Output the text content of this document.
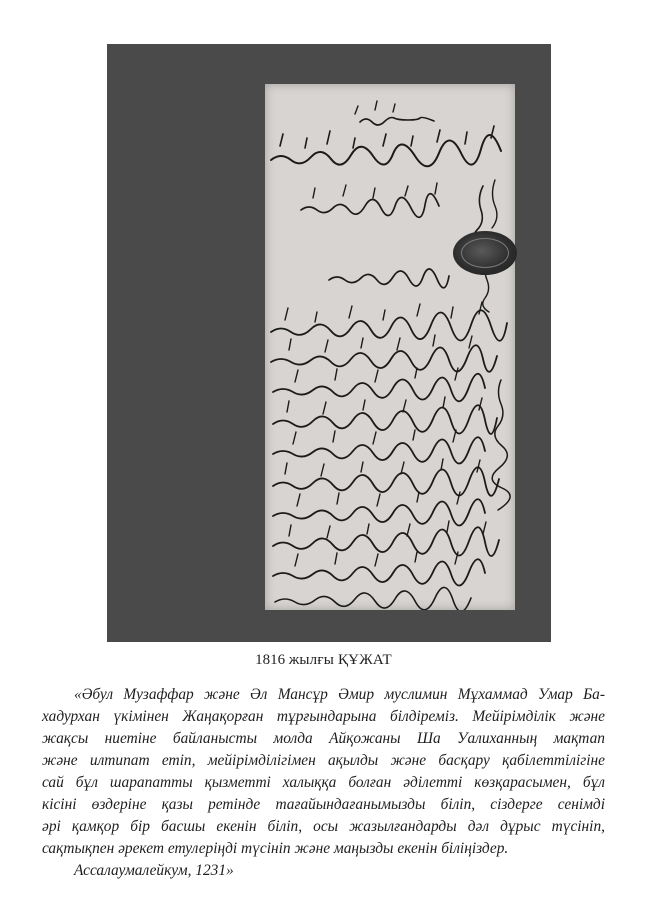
1816 жылғы ҚҰЖАТ
«Әбул Музаффар және Әл Мансұр Әмир муслимин Мұхаммад Умар Ба-
хадурхан үкімінен Жаңақорған тұрғындарына білдіреміз. Мейірімділік және
жақсы ниетіне байланысты молда Айқожаны Ша Уалиханның мақтап
және илтипат етіп, мейірімділігімен ақылды және басқару қабілеттілігіне
сай бұл шарапатты қызметті халыққа болған әділетті көзқарасымен, бұл
кісіні өздеріне қазы ретінде тағайындағанымызды біліп, сіздерге сенімді
әрі қамқор бір басшы екенін біліп, осы жазылғандарды дәл дұрыс түсініп,
сақтықпен әрекет етулеріңді түсініп және маңызды екенін біліңіздер.
Ассалаумалейкум, 1231»
